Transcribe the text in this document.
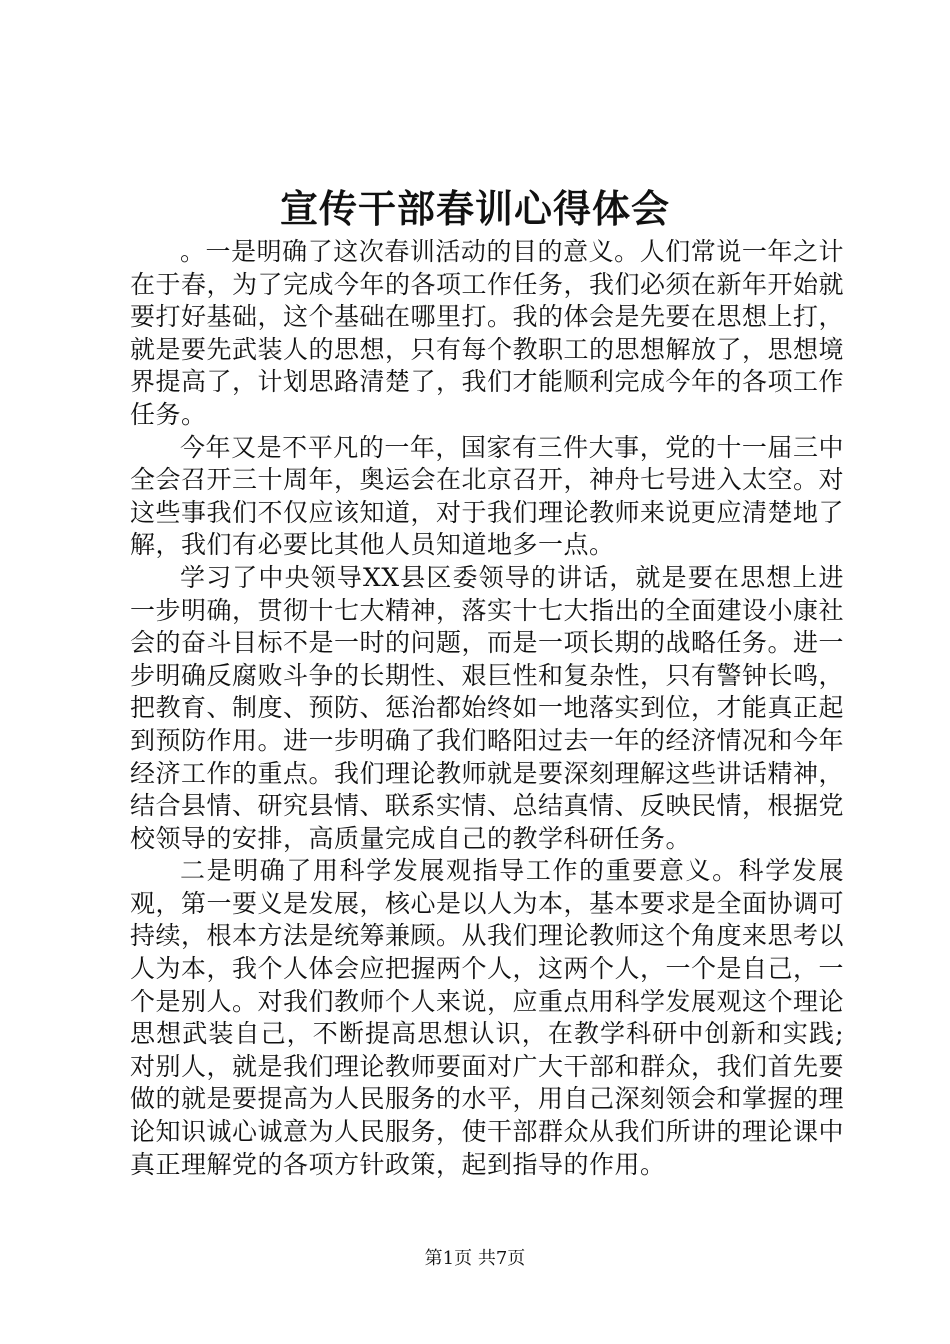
宣传干部春训心得体会

。一是明确了这次春训活动的目的意义。人们常说一年之计在于春，为了完成今年的各项工作任务，我们必须在新年开始就要打好基础，这个基础在哪里打。我的体会是先要在思想上打，就是要先武装人的思想，只有每个教职工的思想解放了，思想境界提高了，计划思路清楚了，我们才能顺利完成今年的各项工作任务。

今年又是不平凡的一年，国家有三件大事，党的十一届三中全会召开三十周年，奥运会在北京召开，神舟七号进入太空。对这些事我们不仅应该知道，对于我们理论教师来说更应清楚地了解，我们有必要比其他人员知道地多一点。

学习了中央领导XX县区委领导的讲话，就是要在思想上进一步明确，贯彻十七大精神，落实十七大指出的全面建设小康社会的奋斗目标不是一时的问题，而是一项长期的战略任务。进一步明确反腐败斗争的长期性、艰巨性和复杂性，只有警钟长鸣，把教育、制度、预防、惩治都始终如一地落实到位，才能真正起到预防作用。进一步明确了我们略阳过去一年的经济情况和今年经济工作的重点。我们理论教师就是要深刻理解这些讲话精神，结合县情、研究县情、联系实情、总结真情、反映民情，根据党校领导的安排，高质量完成自己的教学科研任务。

二是明确了用科学发展观指导工作的重要意义。科学发展观，第一要义是发展，核心是以人为本，基本要求是全面协调可持续，根本方法是统筹兼顾。从我们理论教师这个角度来思考以人为本，我个人体会应把握两个人，这两个人，一个是自己，一个是别人。对我们教师个人来说，应重点用科学发展观这个理论思想武装自己，不断提高思想认识，在教学科研中创新和实践;对别人，就是我们理论教师要面对广大干部和群众，我们首先要做的就是要提高为人民服务的水平，用自己深刻领会和掌握的理论知识诚心诚意为人民服务，使干部群众从我们所讲的理论课中真正理解党的各项方针政策，起到指导的作用。

第1页 共7页
